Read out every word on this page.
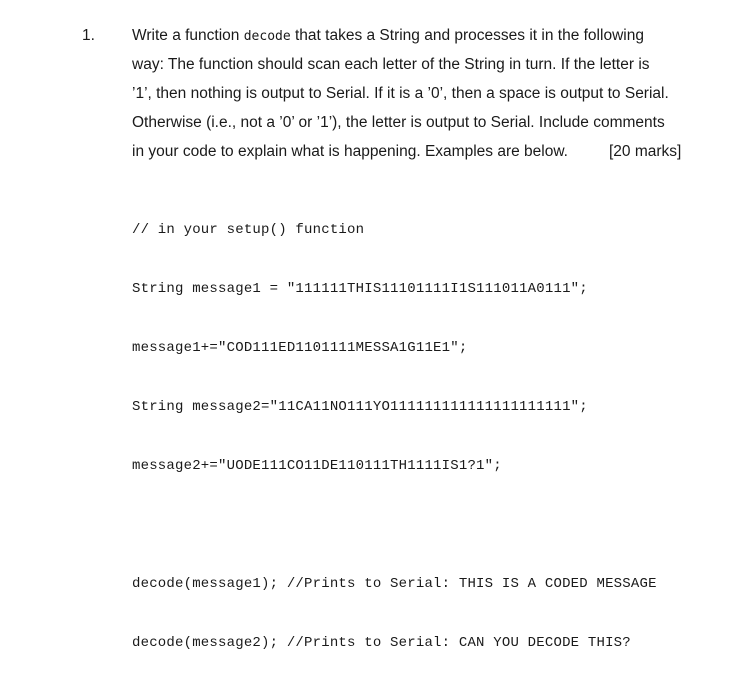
1. Write a function decode that takes a String and processes it in the following
way: The function should scan each letter of the String in turn. If the letter is
’1’, then nothing is output to Serial. If it is a ’0’, then a space is output to Serial.
Otherwise (i.e., not a ’0’ or ’1’), the letter is output to Serial. Include comments
in your code to explain what is happening. Examples are below.	[20 marks]

// in your setup() function

String message1 = "111111THIS11101111I1S111011A0111";

message1+="COD111ED1101111MESSA1G11E1";

String message2="11CA11NO111YO111111111111111111111";

message2+="UODE111CO11DE110111TH1111IS1?1";

decode(message1); //Prints to Serial: THIS IS A CODED MESSAGE

decode(message2); //Prints to Serial: CAN YOU DECODE THIS?
